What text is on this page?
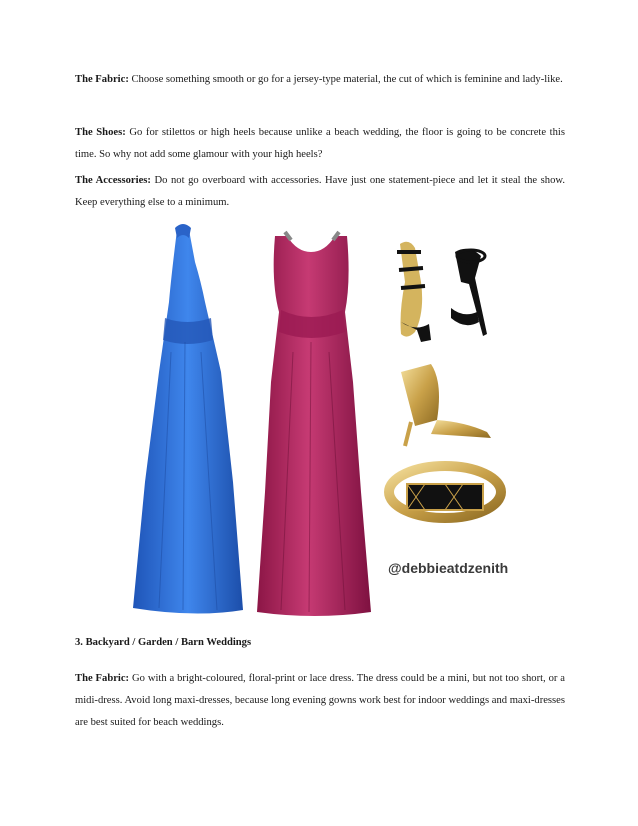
The Fabric: Choose something smooth or go for a jersey-type material, the cut of which is feminine and lady-like.

The Shoes: Go for stilettos or high heels because unlike a beach wedding, the floor is going to be concrete this time. So why not add some glamour with your high heels?

The Accessories: Do not go overboard with accessories. Have just one statement-piece and let it steal the show. Keep everything else to a minimum.

@debbieatdzenith
3. Backyard / Garden / Barn Weddings

The Fabric: Go with a bright-coloured, floral-print or lace dress. The dress could be a mini, but not too short, or a midi-dress. Avoid long maxi-dresses, because long evening gowns work best for indoor weddings and maxi-dresses are best suited for beach weddings.
